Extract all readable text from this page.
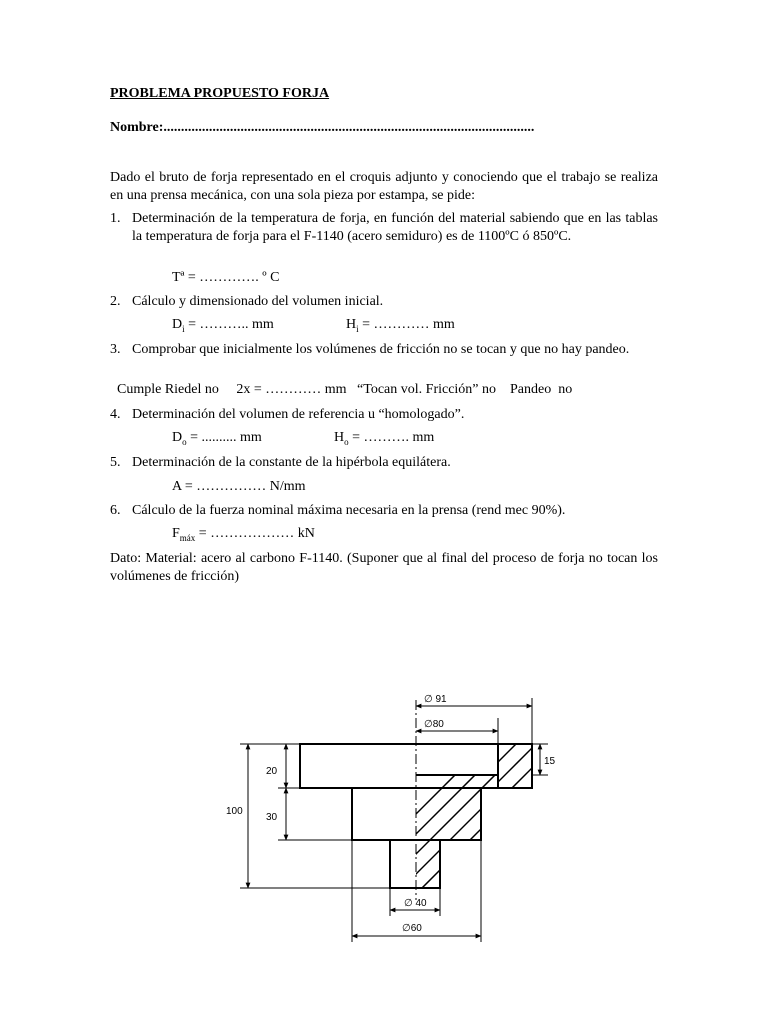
PROBLEMA PROPUESTO FORJA
Nombre:..........................................................................................................
Dado el bruto de forja representado en el croquis adjunto y conociendo que el trabajo se realiza en una prensa mecánica, con una sola pieza por estampa, se pide:
1. Determinación de la temperatura de forja, en función del material sabiendo que en las tablas la temperatura de forja para el F-1140 (acero semiduro) es de 1100ºC ó 850ºC.
Tª = …………. º C
2. Cálculo y dimensionado del volumen inicial.
$D_i$ = ……….. mm	$H_i$ = ………… mm
3. Comprobar que inicialmente los volúmenes de fricción no se tocan y que no hay pandeo.
Cumple Riedel no     2x = ………… mm   “Tocan vol. Fricción” no    Pandeo  no
4. Determinación del volumen de referencia u “homologado”.
$D_o$ = .......... mm	$H_o$ = ………. mm
5. Determinación de la constante de la hipérbola equilátera.
A = …………… N/mm
6. Cálculo de la fuerza nominal máxima necesaria en la prensa (rend mec 90%).
$F_{máx}$ = ……………… kN
Dato: Material: acero al carbono F-1140. (Suponer que al final del proceso de forja no tocan los volúmenes de fricción)
∅ 91
∅80
15
20
30
100
∅ 40
∅60
